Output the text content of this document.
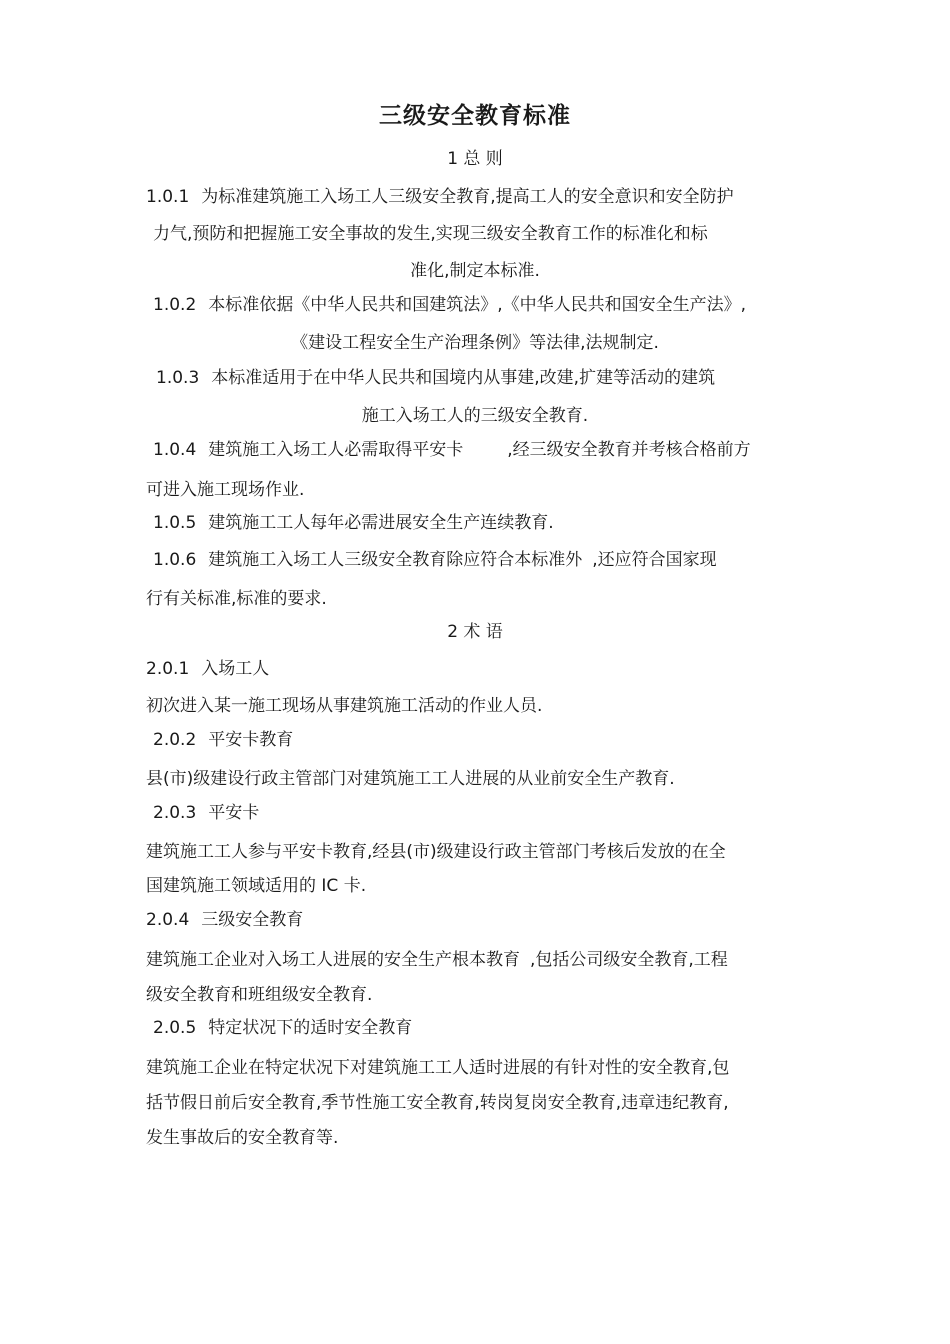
三级安全教育标准
1 总 则
1.0.1 为标准建筑施工入场工人三级安全教育,提高工人的安全意识和安全防护
力气,预防和把握施工安全事故的发生,实现三级安全教育工作的标准化和标
准化,制定本标准.
1.0.2 本标准依据《中华人民共和国建筑法》,《中华人民共和国安全生产法》,
《建设工程安全生产治理条例》等法律,法规制定.
1.0.3 本标准适用于在中华人民共和国境内从事建,改建,扩建等活动的建筑
施工入场工人的三级安全教育.
1.0.4 建筑施工入场工人必需取得平安卡	,经三级安全教育并考核合格前方
可进入施工现场作业.
1.0.5 建筑施工工人每年必需进展安全生产连续教育.
1.0.6 建筑施工入场工人三级安全教育除应符合本标准外 ,还应符合国家现
行有关标准,标准的要求.
2 术 语
2.0.1 入场工人
初次进入某一施工现场从事建筑施工活动的作业人员.
2.0.2 平安卡教育
县(市)级建设行政主管部门对建筑施工工人进展的从业前安全生产教育.
2.0.3 平安卡
建筑施工工人参与平安卡教育,经县(市)级建设行政主管部门考核后发放的在全
国建筑施工领域适用的 IC 卡.
2.0.4 三级安全教育
建筑施工企业对入场工人进展的安全生产根本教育 ,包括公司级安全教育,工程
级安全教育和班组级安全教育.
2.0.5 特定状况下的适时安全教育
建筑施工企业在特定状况下对建筑施工工人适时进展的有针对性的安全教育,包
括节假日前后安全教育,季节性施工安全教育,转岗复岗安全教育,违章违纪教育,
发生事故后的安全教育等.
